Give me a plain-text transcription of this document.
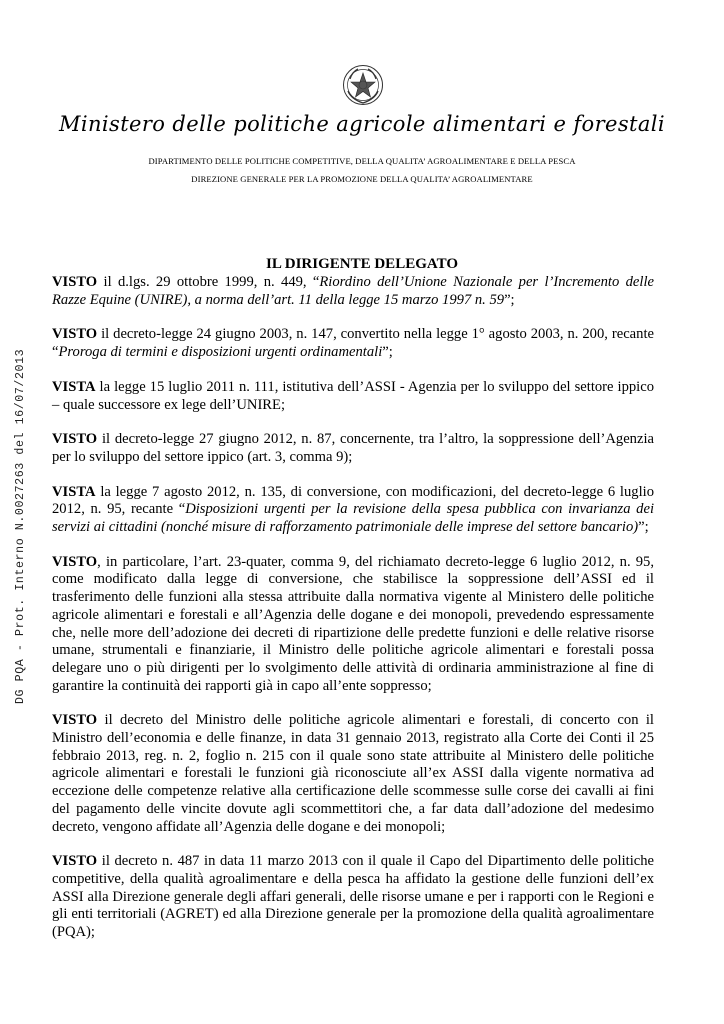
Ministero delle politiche agricole alimentari e forestali
DIPARTIMENTO DELLE POLITICHE COMPETITIVE, DELLA QUALITA’ AGROALIMENTARE E DELLA PESCA
DIREZIONE GENERALE PER LA PROMOZIONE DELLA QUALITA’ AGROALIMENTARE
DG PQA - Prot. Interno N.0027263 del 16/07/2013
IL DIRIGENTE DELEGATO

VISTO il d.lgs. 29 ottobre 1999, n. 449, “Riordino dell’Unione Nazionale per l’Incremento delle Razze Equine (UNIRE), a norma dell’art. 11 della legge 15 marzo 1997 n. 59”;

VISTO il decreto-legge 24 giugno 2003, n. 147, convertito nella legge 1° agosto 2003, n. 200, recante “Proroga di termini e disposizioni urgenti ordinamentali”;

VISTA la legge 15 luglio 2011 n. 111, istitutiva dell’ASSI - Agenzia per lo sviluppo del settore ippico – quale successore ex lege dell’UNIRE;

VISTO il decreto-legge 27 giugno 2012, n. 87, concernente, tra l’altro, la soppressione dell’Agenzia per lo sviluppo del settore ippico (art. 3, comma 9);

VISTA la legge 7 agosto 2012, n. 135, di conversione, con modificazioni, del decreto-legge 6 luglio 2012, n. 95, recante “Disposizioni urgenti per la revisione della spesa pubblica con invarianza dei servizi ai cittadini (nonché misure di rafforzamento patrimoniale delle imprese del settore bancario)”;

VISTO, in particolare, l’art. 23-quater, comma 9, del richiamato decreto-legge 6 luglio 2012, n. 95, come modificato dalla legge di conversione, che stabilisce la soppressione dell’ASSI ed il trasferimento delle funzioni alla stessa attribuite dalla normativa vigente al Ministero delle politiche agricole alimentari e forestali e all’Agenzia delle dogane e dei monopoli, prevedendo espressamente che, nelle more dell’adozione dei decreti di ripartizione delle predette funzioni e delle relative risorse umane, strumentali e finanziarie, il Ministro delle politiche agricole alimentari e forestali possa delegare uno o più dirigenti per lo svolgimento delle attività di ordinaria amministrazione al fine di garantire la continuità dei rapporti già in capo all’ente soppresso;

VISTO il decreto del Ministro delle politiche agricole alimentari e forestali, di concerto con il Ministro dell’economia e delle finanze, in data 31 gennaio 2013, registrato alla Corte dei Conti il 25 febbraio 2013, reg. n. 2, foglio n. 215 con il quale sono state attribuite al Ministero delle politiche agricole alimentari e forestali le funzioni già riconosciute all’ex ASSI dalla vigente normativa ad eccezione delle competenze relative alla certificazione delle scommesse sulle corse dei cavalli ai fini del pagamento delle vincite dovute agli scommettitori che, a far data dall’adozione del medesimo decreto, vengono affidate all’Agenzia delle dogane e dei monopoli;

VISTO il decreto n. 487 in data 11 marzo 2013 con il quale il Capo del Dipartimento delle politiche competitive, della qualità agroalimentare e della pesca ha affidato la gestione delle funzioni dell’ex ASSI alla Direzione generale degli affari generali, delle risorse umane e per i rapporti con le Regioni e gli enti territoriali (AGRET) ed alla Direzione generale per la promozione della qualità agroalimentare (PQA);
